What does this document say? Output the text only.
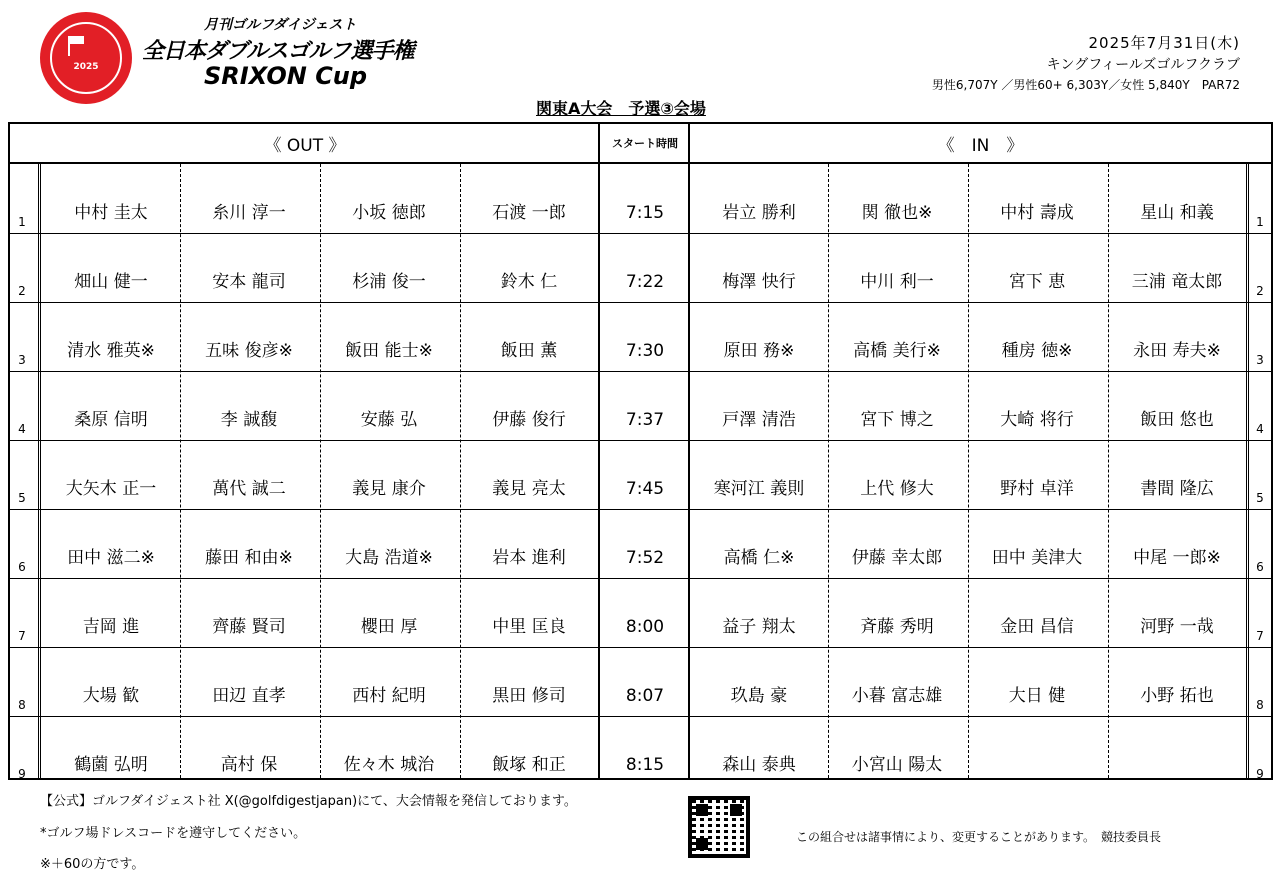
2025
月刊ゴルフダイジェスト
全日本ダブルスゴルフ選手権
SRIXON Cup
2025年7月31日(木)
キングフィールズゴルフクラブ
男性6,707Y ／男性60+ 6,303Y／女性 5,840Y　PAR72
関東A大会　予選③会場
《 OUT 》	スタート時間	《　IN　》
中村 圭太	糸川 淳一	小坂 徳郎	石渡 一郎	7:15	岩立 勝利	関 徹也※	中村 壽成	星山 和義
1	1
畑山 健一	安本 龍司	杉浦 俊一	鈴木 仁	7:22	梅澤 快行	中川 利一	宮下 恵	三浦 竜太郎
2	2
清水 雅英※	五味 俊彦※	飯田 能士※	飯田 薫	7:30	原田 務※	高橋 美行※	種房 徳※	永田 寿夫※
3	3
桑原 信明	李 誠馥	安藤 弘	伊藤 俊行	7:37	戸澤 清浩	宮下 博之	大崎 将行	飯田 悠也
4	4
大矢木 正一	萬代 誠二	義見 康介	義見 亮太	7:45	寒河江 義則	上代 修大	野村 卓洋	書間 隆広
5	5
田中 滋二※	藤田 和由※	大島 浩道※	岩本 進利	7:52	高橋 仁※	伊藤 幸太郎	田中 美津大	中尾 一郎※
6	6
吉岡 進	齊藤 賢司	櫻田 厚	中里 匡良	8:00	益子 翔太	斉藤 秀明	金田 昌信	河野 一哉
7	7
大場 歓	田辺 直孝	西村 紀明	黒田 修司	8:07	玖島 豪	小暮 富志雄	大日 健	小野 拓也
8	8
鶴薗 弘明	高村 保	佐々木 城治	飯塚 和正	8:15	森山 泰典	小宮山 陽太
9	9
【公式】ゴルフダイジェスト社 X(@golfdigestjapan)にて、大会情報を発信しております。
*ゴルフ場ドレスコードを遵守してください。
※＋60の方です。
この組合せは諸事情により、変更することがあります。　競技委員長
